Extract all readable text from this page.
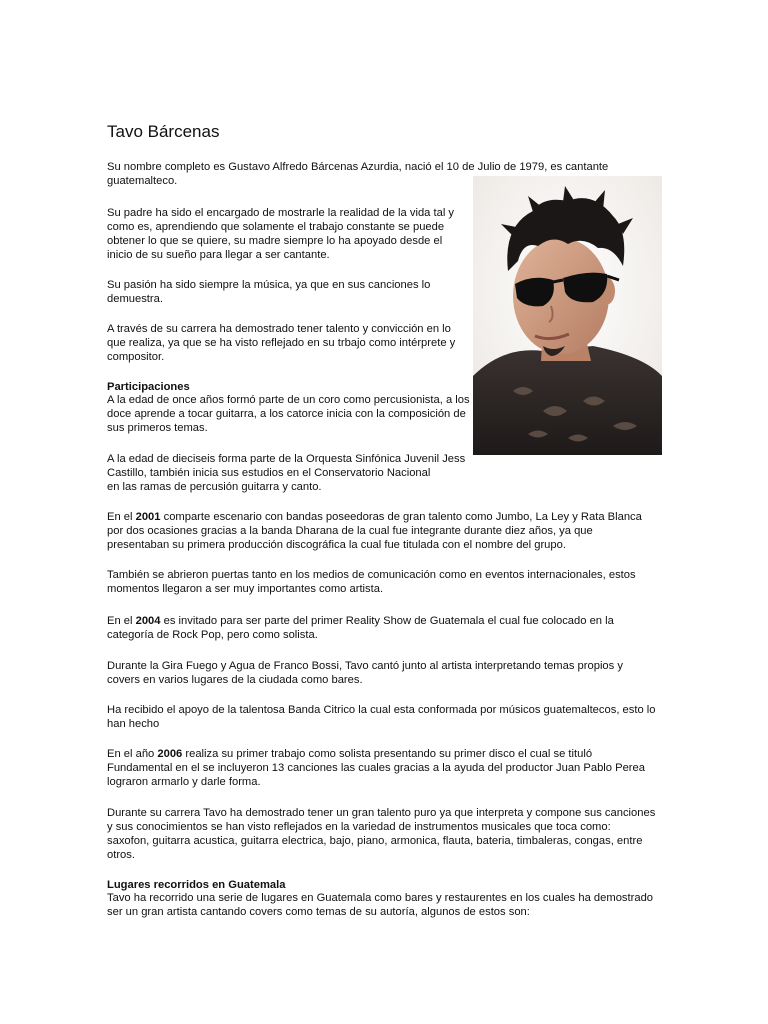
Tavo Bárcenas

Su nombre completo es Gustavo Alfredo Bárcenas Azurdia, nació el 10 de Julio de 1979, es cantante
guatemalteco.

Su padre ha sido el encargado de mostrarle la realidad de la vida tal y
como es, aprendiendo que solamente el trabajo constante se puede
obtener lo que se quiere, su madre siempre lo ha apoyado desde el
inicio de su sueño para llegar a ser cantante.

Su pasión ha sido siempre la música, ya que en sus canciones lo
demuestra.

A través de su carrera ha demostrado tener talento y convicción en lo
que realiza, ya que se ha visto reflejado en su trbajo como intérprete y
compositor.

Participaciones

A la edad de once años formó parte de un coro como percusionista, a los
doce aprende a tocar guitarra, a los catorce inicia con la composición de
sus primeros temas.

A la edad de dieciseis forma parte de la Orquesta Sinfónica Juvenil Jess
Castillo, también inicia sus estudios en el Conservatorio Nacional
en las ramas de percusión guitarra y canto.

En el 2001 comparte escenario con bandas poseedoras de gran talento como Jumbo, La Ley y Rata Blanca
por dos ocasiones gracias a la banda Dharana de la cual fue integrante durante diez años, ya que
presentaban su primera producción discográfica la cual fue titulada con el nombre del grupo.

También se abrieron puertas tanto en los medios de comunicación como en eventos internacionales, estos
momentos llegaron a ser muy importantes como artista.

En el 2004 es invitado para ser parte del primer Reality Show de Guatemala el cual fue colocado en la
categoría de Rock Pop, pero como solista.

Durante la Gira Fuego y Agua de Franco Bossi, Tavo cantó junto al artista interpretando temas propios y
covers en varios lugares de la ciudada como bares.

Ha recibido el apoyo de la talentosa Banda Citrico la cual esta conformada por músicos guatemaltecos, esto lo
han hecho

En el año 2006 realiza su primer trabajo como solista presentando su primer disco el cual se tituló
Fundamental en el se incluyeron 13 canciones las cuales gracias a la ayuda del productor Juan Pablo Perea
lograron armarlo y darle forma.

Durante su carrera Tavo ha demostrado tener un gran talento puro ya que interpreta y compone sus canciones
y sus conocimientos se han visto reflejados en la variedad de instrumentos musicales que toca como:
saxofon, guitarra acustica, guitarra electrica, bajo, piano, armonica, flauta, bateria, timbaleras, congas, entre
otros.

Lugares recorridos en Guatemala

Tavo ha recorrido una serie de lugares en Guatemala como bares y restaurentes en los cuales ha demostrado
ser un gran artista cantando covers como temas de su autoría, algunos de estos son:
